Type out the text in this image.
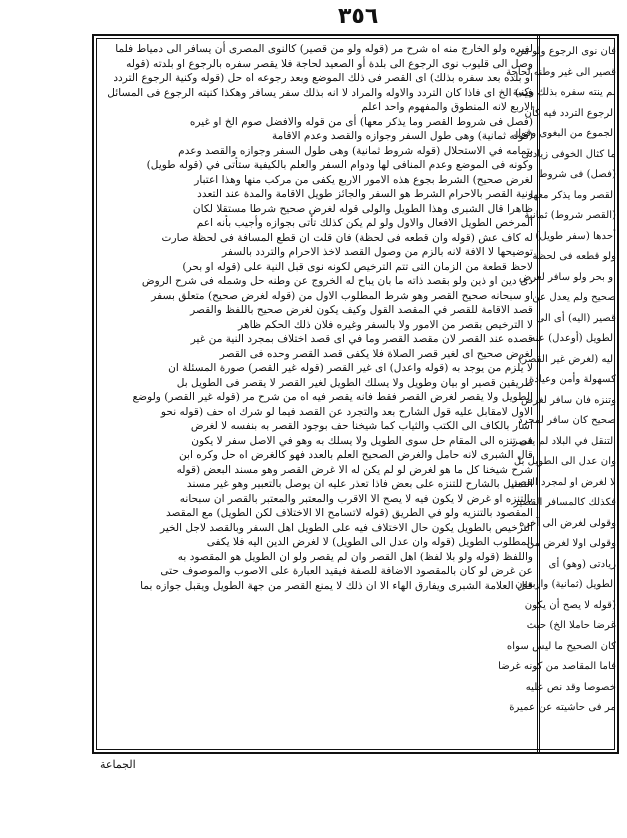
٣٥٦
لغيره ولو الخارج منه اه شرح مر (قوله ولو من قصير) كالنوى المصرى أن يسافر الى دمياط فلما
وصل الى قليوب نوى الرجوع الى بلدة أو الصعيد لحاجة فلا يقصر سفره بالرجوع او بلدته (قوله
او بلده بعد سفره بذلك) اى القصر فى ذلك الموضع وبعد رجوعه اه حل (قوله وكنية الرجوع التردد
فيه) الخ اى فاذا كان التردد والاوله والمراد لا انه بذلك سفر يسافر وهكذا كنيته الرجوع فى المسائل
الاربع لانه المنطوق والمفهوم واحد اعلم
(فصل فى شروط القصر وما يذكر معها) أى من قوله والافضل صوم الخ او غيره
(قوله ثمانية) وهى طول السفر وجوازه والقصد وعدم الاقامة
بتمامه في الاستحلال (قوله شروط ثمانية) وهى طول السفر وجوازه والقصد وعدم
وكونه فى الموضع وعدم المنافى لها ودوام السفر والعلم بالكيفية ستأتى في (قوله طويل)
لغرض صحيح) الشرط بجوع هذه الامور الاربع يكفى من مركب منها وهذا اعتبار
ونية القصر بالاحرام الشرط هو السفر والجائز طويل الاقامة والمدة عند التعدد
ظاهرا قال الشبرى وهذا الطويل والولى قوله لغرض صحيح شرطا مستقلا لكان
المرخص الطويل الافعال والاول ولو لم يكن كذلك تأتى بجوازه وأجيب بأنه اعم
له كاف عش (قوله وان قطعه فى لحظة) فان قلت ان قطع المسافة فى لحظة صارت
توضيحها لا الافة لانه بالزم من وصول القصد لاخذ الاحرام والتردد بالسفر
لاحظ قطعة من الزمان التى تتم الترخيص لكونه نوى قبل النية على (قوله او بحر)
ذى دين او ذين ولو بقصد ذاته ما بان يباح له الخروج عن وطنه حل وشمله فى شرح الروض
او سبحانه صحيح القصر وهو شرط المطلوب الاول من (قوله لغرض صحيح) متعلق بسفر
قصد الاقامة للقصر في المقصد القول وكيف يكون لغرض صحيح باللفظ والقصر
لا الترخيص بقصر من الامور ولا بالسفر وغيره فلان ذلك الحكم ظاهر
قصده عند القصر لان مقصد القصر وما في اى قصد اختلاف بمجرد النية من غير
لغرض صحيح اى لغير قصر الصلاة فلا يكفى قصد القصر وحده فى القصر
لا يلزم من يوجد به (قوله واعدل) اى غير القصر (قوله غير القصر) صورة المسئلة ان
طريقين قصير او بيان وطويل ولا يسلك الطويل لغير القصر لا يقصر فى الطويل بل
الطويل ولا يقصر لغرض القصر فقط فانه يقصر فيه اه من شرح مر (قوله غير القصر) ولوضع
الاول لامقابل عليه قول الشارح بعد والتجرد عن القصد فيما لو شرك اه حف (قوله نحو
اشار بالكاف الى الكتب والثياب كما شيخنا حف بوجود القصر به بنفسه لا لغرض
فى تنزه الى المقام حل سوى الطويل ولا يسلك به وهو في الاصل سفر لا يكون
قال الشبرى لانه حامل والغرض الصحيح العلم بالعدد فهو كالغرض اه حل وكره ابن
شرح شيخنا كل ما هو لغرض لو لم يكن له الا غرض القصر وهو مسند البعض (قوله
التمثيل بالشارح للتنزه على بعض فاذا تعذر عليه ان يوصل بالتعبير وهو غير مسند
بالتنزه او غرض لا يكون فيه لا يصح الا الاقرب والمعتبر والمعتبر بالقصر ان سبحانه
المقصود بالتنزيه ولو في الطريق (قوله لاتسامح الا الاختلاف لكن الطويل) مع المقصد
الترخيص بالطويل يكون حال الاختلاف فيه على الطويل اهل السفر وبالقصد لاجل الخير
المطلوب الطويل (قوله وان عدل الى الطويل) لا لغرض الدين اليه فلا يكفى
واللفظ (قوله ولو بلا لفظ) اهل القصر وان لم يقصر ولو ان الطويل هو المقصود به
عن غرض لو كان بالمقصود الاضافة للصفة فيقيد العبارة على الاصوب والموصوف حتى
قال العلامة الشبرى ويفارق الهاء الا ان ذلك لا يمنع القصر من جهة الطويل ويقبل جوازه بما
فان نوى الرجوع ولو من
قصير الى غير وطنه لحاجة
لم ينته سفره بذلك وكنية
الرجوع التردد فيه كأن
الجموع من البغوى وقول
ما كثال الخوفى زيادتى
(فصل) فى شروط
القصر وما يذكر معها
(القصر شروط) ثمانية
أحدها (سفر طويل)
ولو قطعه فى لحظة
او بحر ولو سافر لغرض
صحيح ولم يعدل عن
قصير (اليه) أى الى
الطويل (أوعدل) عنه
اليه (لغرض غير القصر)
كسهولة وأمن وعيادة
وتنزه فان سافر لغرض
صحيح كان سافر لمجرد
التنقل في البلاد لم يقصر
وان عدل الى الطويل بل
لا لغرض او لمجرد القصر
فكذلك كالمسافر القصير
وقولى لغرض الى آخره
وقولى اولا لغرض من
زيادتى (وهو) أى
الطويل (ثمانية) واربعون
(قوله لا يصح أن يكون
غرضا حاملا الخ) حيث
كان الصحيح ما ليس سواه
فاما المقاصد من كونه غرضا
خصوصا وقد نص عليه
مر فى حاشيته عن عميرة
الجماعة
